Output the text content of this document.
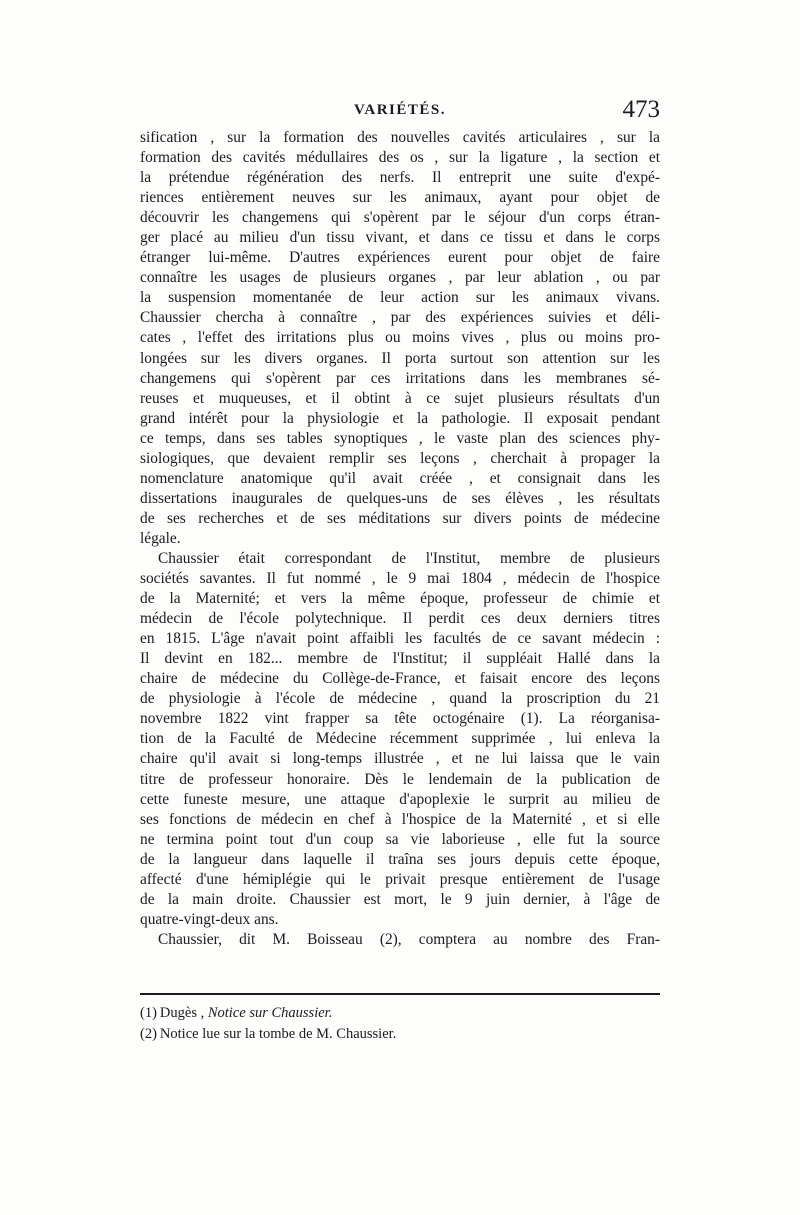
VARIÉTÉS.	473
sification , sur la formation des nouvelles cavités articulaires , sur la
formation des cavités médullaires des os , sur la ligature , la section et
la prétendue régénération des nerfs. Il entreprit une suite d'expé-
riences entièrement neuves sur les animaux, ayant pour objet de
découvrir les changemens qui s'opèrent par le séjour d'un corps étran-
ger placé au milieu d'un tissu vivant, et dans ce tissu et dans le corps
étranger lui-même. D'autres expériences eurent pour objet de faire
connaître les usages de plusieurs organes , par leur ablation , ou par
la suspension momentanée de leur action sur les animaux vivans.
Chaussier chercha à connaître , par des expériences suivies et déli-
cates , l'effet des irritations plus ou moins vives , plus ou moins pro-
longées sur les divers organes. Il porta surtout son attention sur les
changemens qui s'opèrent par ces irritations dans les membranes sé-
reuses et muqueuses, et il obtint à ce sujet plusieurs résultats d'un
grand intérêt pour la physiologie et la pathologie. Il exposait pendant
ce temps, dans ses tables synoptiques , le vaste plan des sciences phy-
siologiques, que devaient remplir ses leçons , cherchait à propager la
nomenclature anatomique qu'il avait créée , et consignait dans les
dissertations inaugurales de quelques-uns de ses élèves , les résultats
de ses recherches et de ses méditations sur divers points de médecine
légale.
Chaussier était correspondant de l'Institut, membre de plusieurs
sociétés savantes. Il fut nommé , le 9 mai 1804 , médecin de l'hospice
de la Maternité; et vers la même époque, professeur de chimie et
médecin de l'école polytechnique. Il perdit ces deux derniers titres
en 1815. L'âge n'avait point affaibli les facultés de ce savant médecin :
Il devint en 182... membre de l'Institut; il suppléait Hallé dans la
chaire de médecine du Collège-de-France, et faisait encore des leçons
de physiologie à l'école de médecine , quand la proscription du 21
novembre 1822 vint frapper sa tête octogénaire (1). La réorganisa-
tion de la Faculté de Médecine récemment supprimée , lui enleva la
chaire qu'il avait si long-temps illustrée , et ne lui laissa que le vain
titre de professeur honoraire. Dès le lendemain de la publication de
cette funeste mesure, une attaque d'apoplexie le surprit au milieu de
ses fonctions de médecin en chef à l'hospice de la Maternité , et si elle
ne termina point tout d'un coup sa vie laborieuse , elle fut la source
de la langueur dans laquelle il traîna ses jours depuis cette époque,
affecté d'une hémiplégie qui le privait presque entièrement de l'usage
de la main droite. Chaussier est mort, le 9 juin dernier, à l'âge de
quatre-vingt-deux ans.
Chaussier, dit M. Boisseau (2), comptera au nombre des Fran-
(1) Dugès , Notice sur Chaussier.
(2) Notice lue sur la tombe de M. Chaussier.
